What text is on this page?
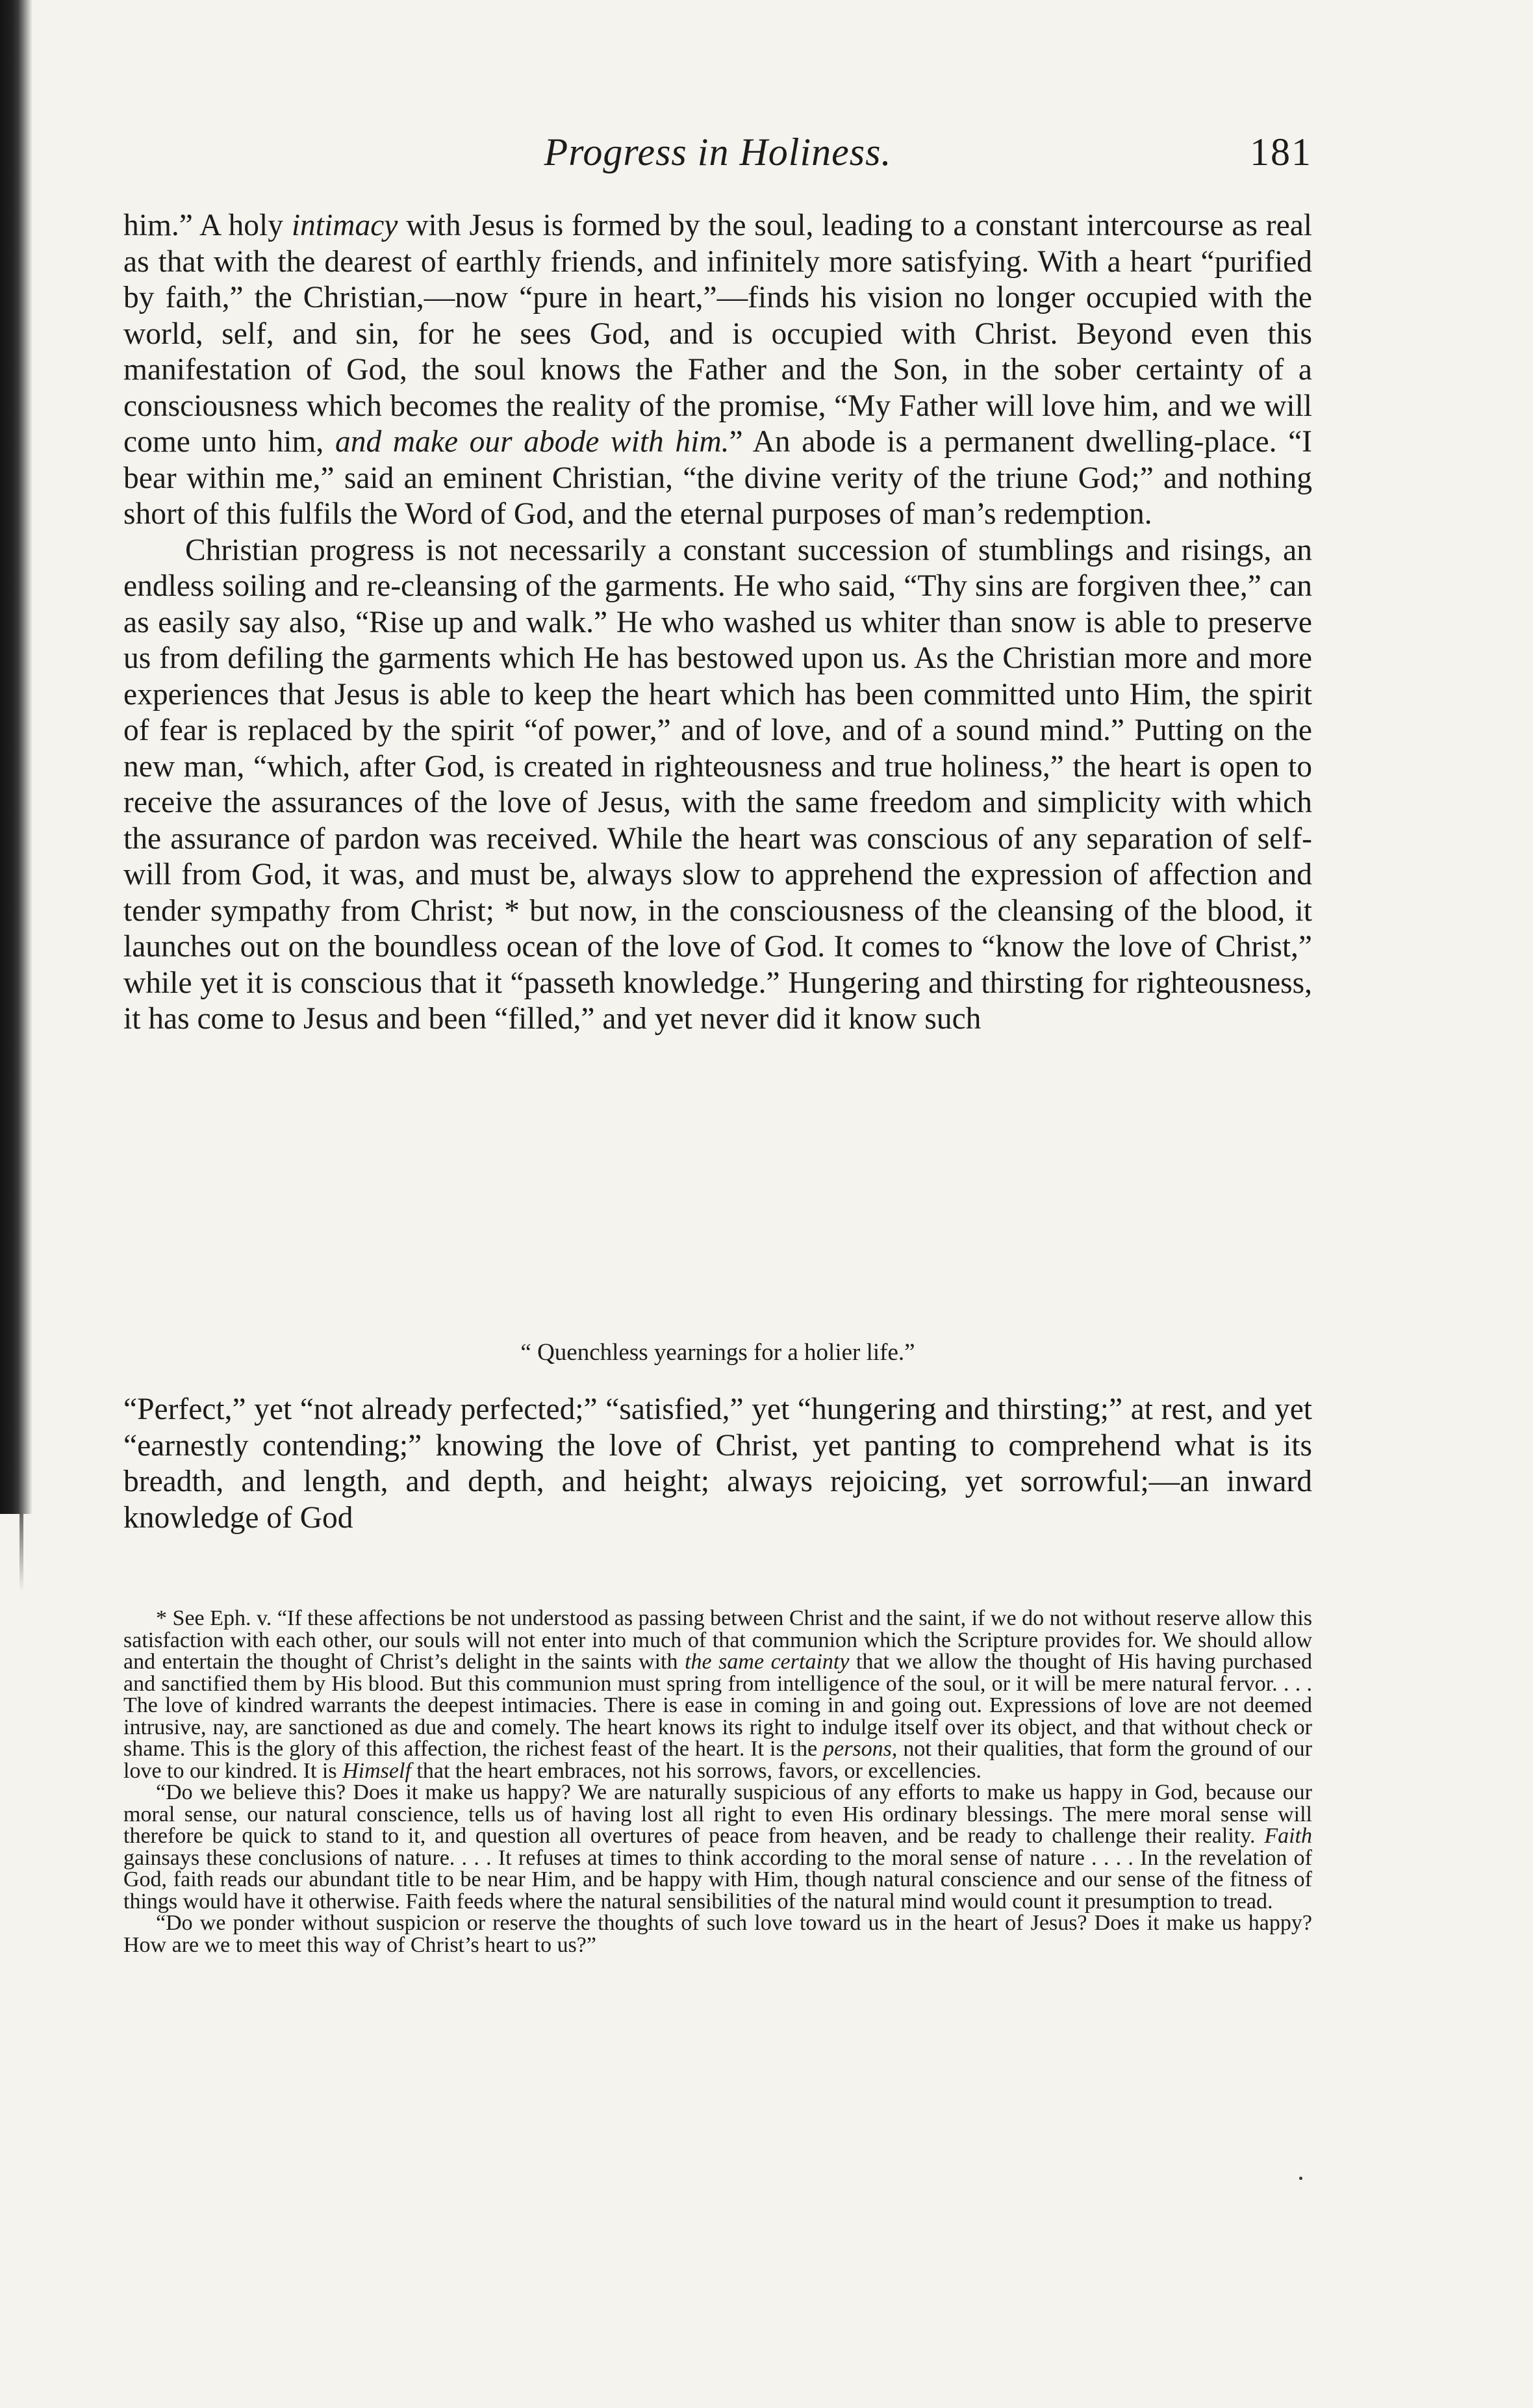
Progress in Holiness.	181

him.” A holy intimacy with Jesus is formed by the soul, leading to a constant intercourse as real as that with the dearest of earthly friends, and infinitely more satisfying. With a heart “purified by faith,” the Christian,—now “pure in heart,”—finds his vision no longer occupied with the world, self, and sin, for he sees God, and is occupied with Christ. Beyond even this manifestation of God, the soul knows the Father and the Son, in the sober certainty of a consciousness which becomes the reality of the promise, “My Father will love him, and we will come unto him, and make our abode with him.” An abode is a permanent dwelling-place. “I bear within me,” said an eminent Christian, “the divine verity of the triune God;” and nothing short of this fulfils the Word of God, and the eternal purposes of man’s redemption.

Christian progress is not necessarily a constant succession of stumblings and risings, an endless soiling and re-cleansing of the garments. He who said, “Thy sins are forgiven thee,” can as easily say also, “Rise up and walk.” He who washed us whiter than snow is able to preserve us from defiling the garments which He has bestowed upon us. As the Christian more and more experiences that Jesus is able to keep the heart which has been committed unto Him, the spirit of fear is replaced by the spirit “of power,” and of love, and of a sound mind.” Putting on the new man, “which, after God, is created in righteousness and true holiness,” the heart is open to receive the assurances of the love of Jesus, with the same freedom and simplicity with which the assurance of pardon was received. While the heart was conscious of any separation of self-will from God, it was, and must be, always slow to apprehend the expression of affection and tender sympathy from Christ; * but now, in the consciousness of the cleansing of the blood, it launches out on the boundless ocean of the love of God. It comes to “know the love of Christ,” while yet it is conscious that it “passeth knowledge.” Hungering and thirsting for righteousness, it has come to Jesus and been “filled,” and yet never did it know such

“ Quenchless yearnings for a holier life.”

“Perfect,” yet “not already perfected;” “satisfied,” yet “hungering and thirsting;” at rest, and yet “earnestly contending;” knowing the love of Christ, yet panting to comprehend what is its breadth, and length, and depth, and height; always rejoicing, yet sorrowful;—an inward knowledge of God

* See Eph. v. “If these affections be not understood as passing between Christ and the saint, if we do not without reserve allow this satisfaction with each other, our souls will not enter into much of that communion which the Scripture provides for. We should allow and entertain the thought of Christ’s delight in the saints with the same certainty that we allow the thought of His having purchased and sanctified them by His blood. But this communion must spring from intelligence of the soul, or it will be mere natural fervor. . . . The love of kindred warrants the deepest intimacies. There is ease in coming in and going out. Expressions of love are not deemed intrusive, nay, are sanctioned as due and comely. The heart knows its right to indulge itself over its object, and that without check or shame. This is the glory of this affection, the richest feast of the heart. It is the persons, not their qualities, that form the ground of our love to our kindred. It is Himself that the heart embraces, not his sorrows, favors, or excellencies.

“Do we believe this? Does it make us happy? We are naturally suspicious of any efforts to make us happy in God, because our moral sense, our natural conscience, tells us of having lost all right to even His ordinary blessings. The mere moral sense will therefore be quick to stand to it, and question all overtures of peace from heaven, and be ready to challenge their reality. Faith gainsays these conclusions of nature. . . . It refuses at times to think according to the moral sense of nature . . . . In the revelation of God, faith reads our abundant title to be near Him, and be happy with Him, though natural conscience and our sense of the fitness of things would have it otherwise. Faith feeds where the natural sensibilities of the natural mind would count it presumption to tread.

“Do we ponder without suspicion or reserve the thoughts of such love toward us in the heart of Jesus? Does it make us happy? How are we to meet this way of Christ’s heart to us?”
